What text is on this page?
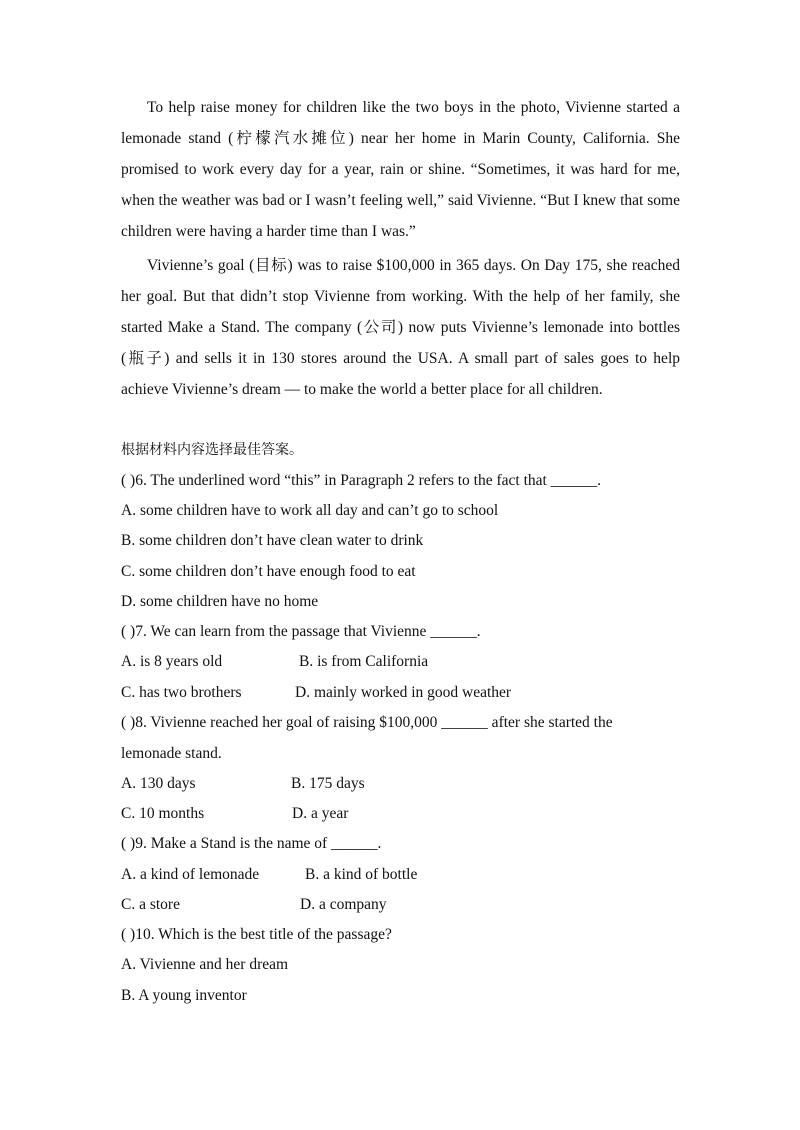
To help raise money for children like the two boys in the photo, Vivienne started a lemonade stand (柠檬汽水摊位) near her home in Marin County, California. She promised to work every day for a year, rain or shine. “Sometimes, it was hard for me, when the weather was bad or I wasn’t feeling well,” said Vivienne. “But I knew that some children were having a harder time than I was.”

Vivienne’s goal (目标) was to raise $100,000 in 365 days. On Day 175, she reached her goal. But that didn’t stop Vivienne from working. With the help of her family, she started Make a Stand. The company (公司) now puts Vivienne’s lemonade into bottles (瓶子) and sells it in 130 stores around the USA. A small part of sales goes to help achieve Vivienne’s dream — to make the world a better place for all children.

根据材料内容选择最佳答案。
( )6. The underlined word “this” in Paragraph 2 refers to the fact that ______.
A. some children have to work all day and can’t go to school
B. some children don’t have clean water to drink
C. some children don’t have enough food to eat
D. some children have no home
( )7. We can learn from the passage that Vivienne ______.
A. is 8 years old	B. is from California
C. has two brothers	D. mainly worked in good weather
( )8. Vivienne reached her goal of raising $100,000 ______ after she started the
lemonade stand.
A. 130 days	B. 175 days
C. 10 months	D. a year
( )9. Make a Stand is the name of ______.
A. a kind of lemonade	B. a kind of bottle
C. a store	D. a company
( )10. Which is the best title of the passage?
A. Vivienne and her dream
B. A young inventor
